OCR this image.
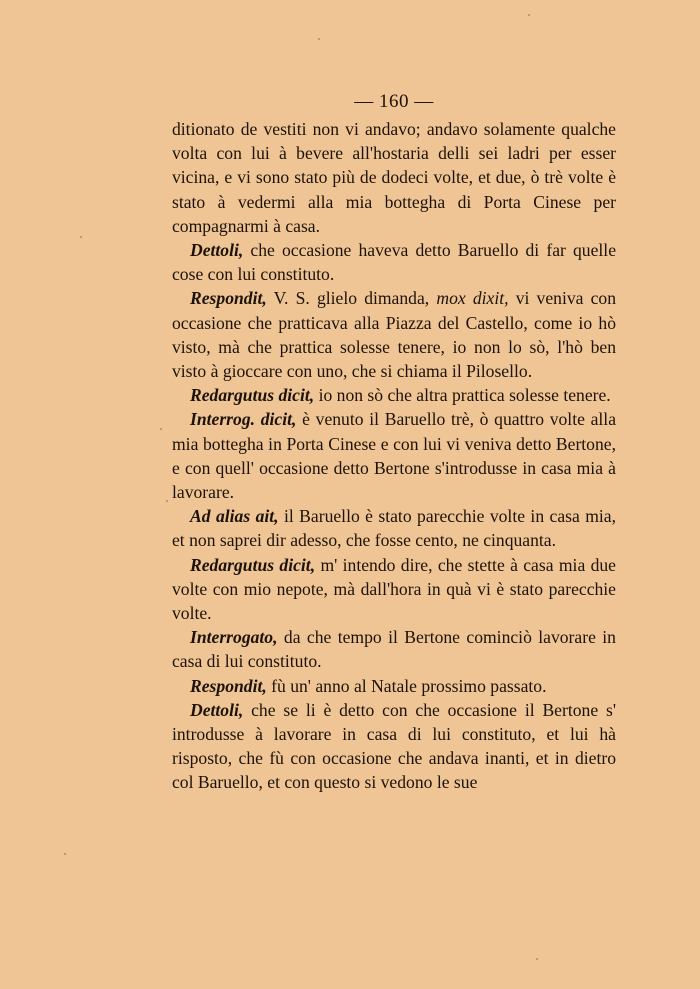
— 160 —

ditionato de vestiti non vi andavo; andavo solamente qualche volta con lui à bevere all'hostaria delli sei ladri per esser vicina, e vi sono stato più de dodeci volte, et due, ò trè volte è stato à vedermi alla mia bottegha di Porta Cinese per compagnarmi à casa.

Dettoli, che occasione haveva detto Baruello di far quelle cose con lui constituto.

Respondit, V. S. glielo dimanda, mox dixit, vi veniva con occasione che pratticava alla Piazza del Castello, come io hò visto, mà che prattica solesse tenere, io non lo sò, l'hò ben visto à gioccare con uno, che si chiama il Pilosello.

Redargutus dicit, io non sò che altra prattica solesse tenere.

Interrog. dicit, è venuto il Baruello trè, ò quattro volte alla mia bottegha in Porta Cinese e con lui vi veniva detto Bertone, e con quell' occasione detto Bertone s'introdusse in casa mia à lavorare.

Ad alias ait, il Baruello è stato parecchie volte in casa mia, et non saprei dir adesso, che fosse cento, ne cinquanta.

Redargutus dicit, m' intendo dire, che stette à casa mia due volte con mio nepote, mà dall'hora in quà vi è stato parecchie volte.

Interrogato, da che tempo il Bertone cominciò lavorare in casa di lui constituto.

Respondit, fù un' anno al Natale prossimo passato.

Dettoli, che se li è detto con che occasione il Bertone s' introdusse à lavorare in casa di lui constituto, et lui hà risposto, che fù con occasione che andava inanti, et in dietro col Baruello, et con questo si vedono le sue
